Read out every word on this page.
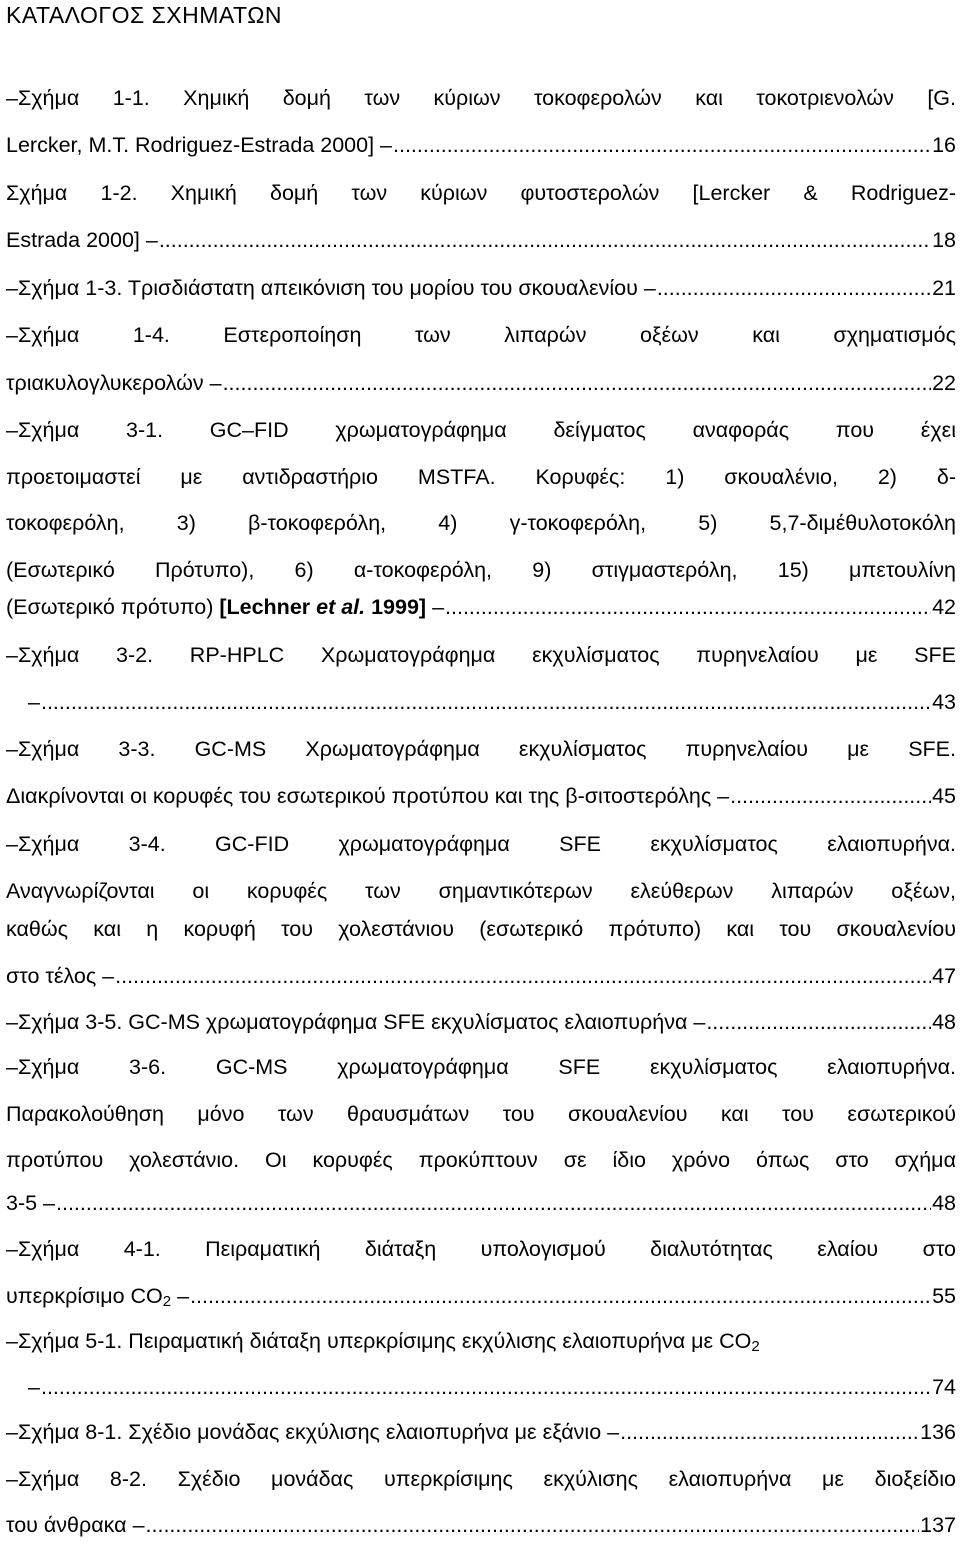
ΚΑΤΑΛΟΓΟΣ ΣΧΗΜΑΤΩΝ
–Σχήμα 1-1. Χημική δομή των κύριων τοκοφερολών και τοκοτριενολών [G.
Lercker, M.T. Rodriguez-Estrada 2000] – .....	16
Σχήμα 1-2. Χημική δομή των κύριων φυτοστερολών [Lercker & Rodriguez-
Estrada 2000] – .....	18
–Σχήμα 1-3. Τρισδιάστατη απεικόνιση του μορίου του σκουαλενίου – .....	21
–Σχήμα 1-4. Εστεροποίηση των λιπαρών οξέων και σχηματισμός
τριακυλογλυκερολών – .....	22
–Σχήμα 3-1. GC–FID χρωματογράφημα δείγματος αναφοράς που έχει
προετοιμαστεί με αντιδραστήριο MSTFA. Κορυφές: 1) σκουαλένιο, 2) δ-
τοκοφερόλη, 3) β-τοκοφερόλη, 4) γ-τοκοφερόλη, 5) 5,7-διμέθυλοτοκόλη
(Εσωτερικό Πρότυπο), 6) α-τοκοφερόλη, 9) στιγμαστερόλη, 15) μπετουλίνη
(Εσωτερικό πρότυπο) [Lechner et al. 1999] – .....	42
–Σχήμα 3-2. RP-HPLC Χρωματογράφημα εκχυλίσματος πυρηνελαίου με SFE
– .....	43
–Σχήμα 3-3. GC-MS Χρωματογράφημα εκχυλίσματος πυρηνελαίου με SFE.
Διακρίνονται οι κορυφές του εσωτερικού προτύπου και της β-σιτοστερόλης – .....	45
–Σχήμα 3-4. GC-FID χρωματογράφημα SFE εκχυλίσματος ελαιοπυρήνα.
Αναγνωρίζονται οι κορυφές των σημαντικότερων ελεύθερων λιπαρών οξέων,
καθώς και η κορυφή του χολεστάνιου (εσωτερικό πρότυπο) και του σκουαλενίου
στο τέλος – .....	47
–Σχήμα 3-5. GC-MS χρωματογράφημα SFE εκχυλίσματος ελαιοπυρήνα – .....	48
–Σχήμα 3-6. GC-MS χρωματογράφημα SFE εκχυλίσματος ελαιοπυρήνα.
Παρακολούθηση μόνο των θραυσμάτων του σκουαλενίου και του εσωτερικού
προτύπου χολεστάνιο. Οι κορυφές προκύπτουν σε ίδιο χρόνο όπως στο σχήμα
3-5 – .....	48
–Σχήμα 4-1. Πειραματική διάταξη υπολογισμού διαλυτότητας ελαίου στο
υπερκρίσιμο $CO_2$ – .....	55
–Σχήμα 5-1. Πειραματική διάταξη υπερκρίσιμης εκχύλισης ελαιοπυρήνα με $CO_2$
– .....	74
–Σχήμα 8-1. Σχέδιο μονάδας εκχύλισης ελαιοπυρήνα με εξάνιο – .....	136
–Σχήμα 8-2. Σχέδιο μονάδας υπερκρίσιμης εκχύλισης ελαιοπυρήνα με διοξείδιο
του άνθρακα – .....	137
